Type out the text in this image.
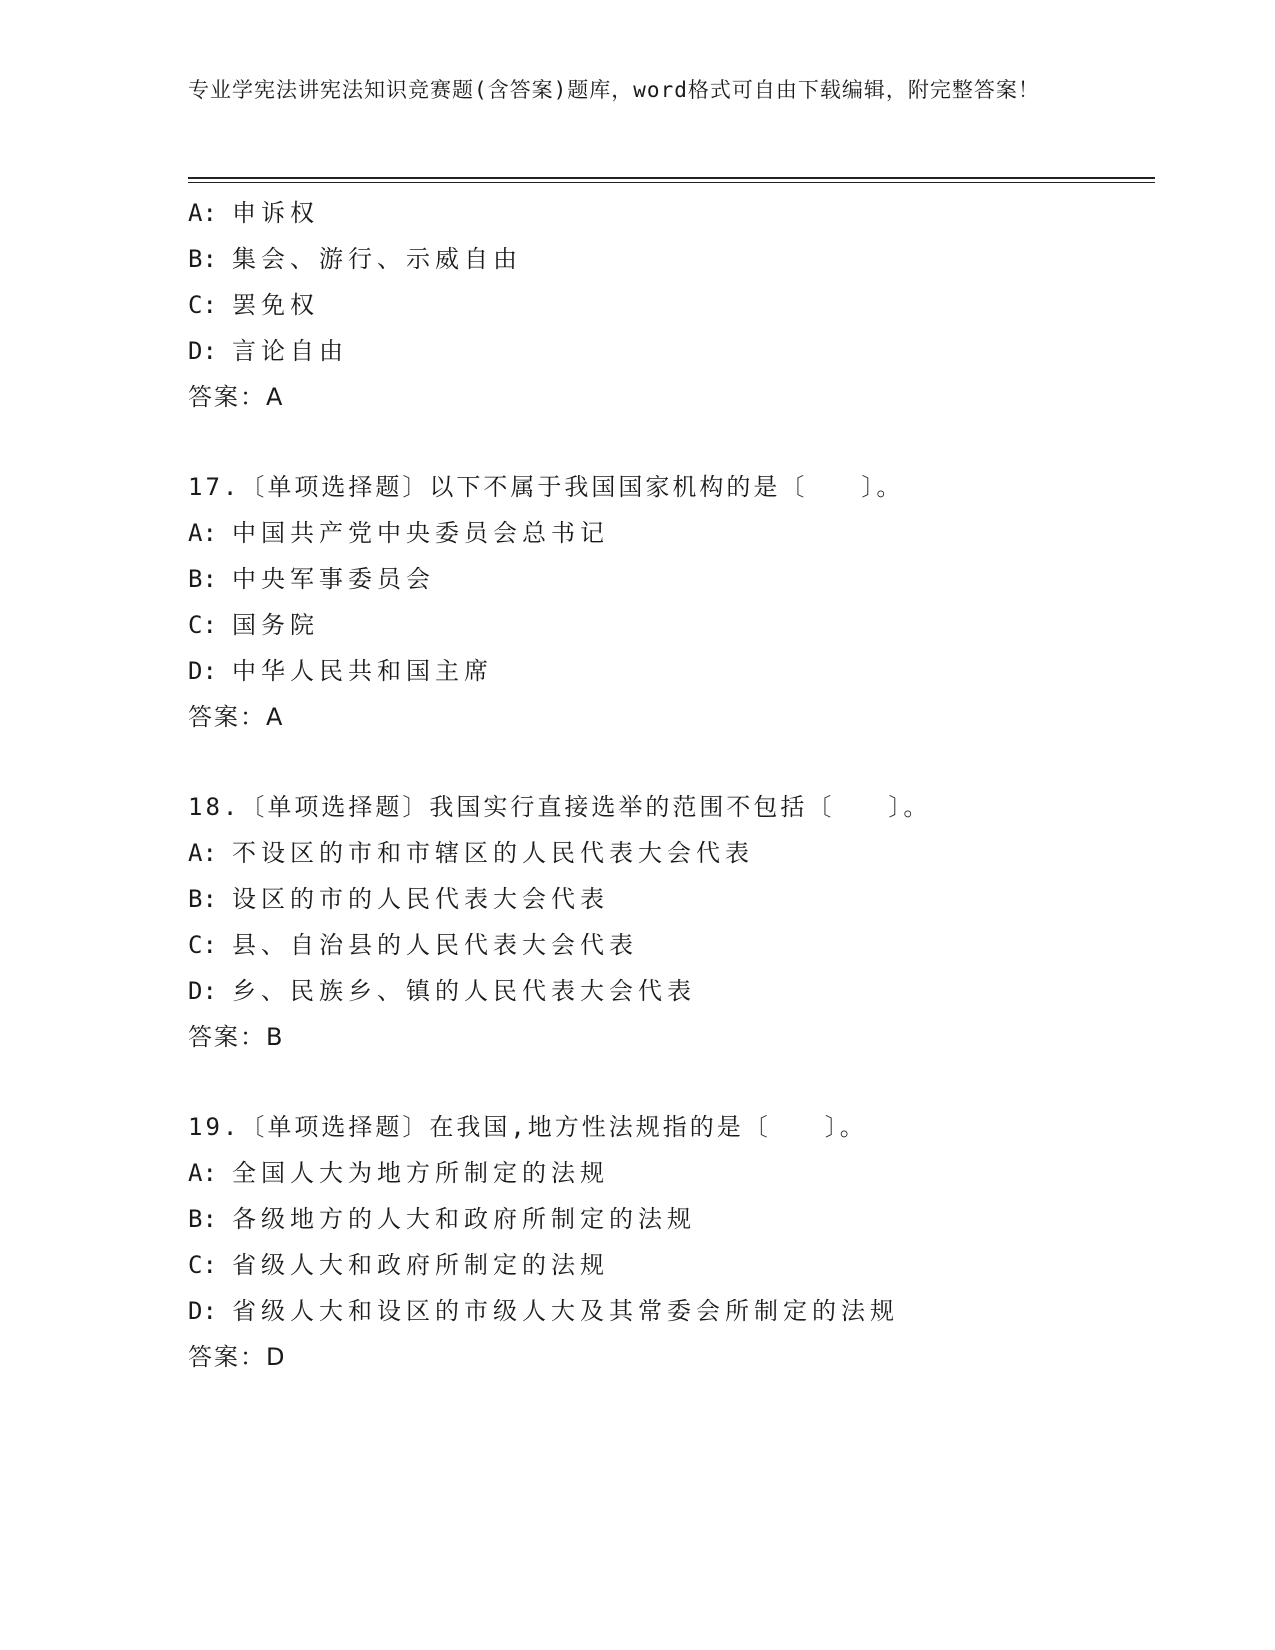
专业学宪法讲宪法知识竞赛题(含答案)题库，word格式可自由下载编辑，附完整答案！
A: 申诉权
B: 集会、游行、示威自由
C: 罢免权
D: 言论自由
答案：A
17.〔单项选择题〕以下不属于我国国家机构的是〔　　〕。
A: 中国共产党中央委员会总书记
B: 中央军事委员会
C: 国务院
D: 中华人民共和国主席
答案：A
18.〔单项选择题〕我国实行直接选举的范围不包括〔　　〕。
A: 不设区的市和市辖区的人民代表大会代表
B: 设区的市的人民代表大会代表
C: 县、自治县的人民代表大会代表
D: 乡、民族乡、镇的人民代表大会代表
答案：B
19.〔单项选择题〕在我国,地方性法规指的是〔　　〕。
A: 全国人大为地方所制定的法规
B: 各级地方的人大和政府所制定的法规
C: 省级人大和政府所制定的法规
D: 省级人大和设区的市级人大及其常委会所制定的法规
答案：D
